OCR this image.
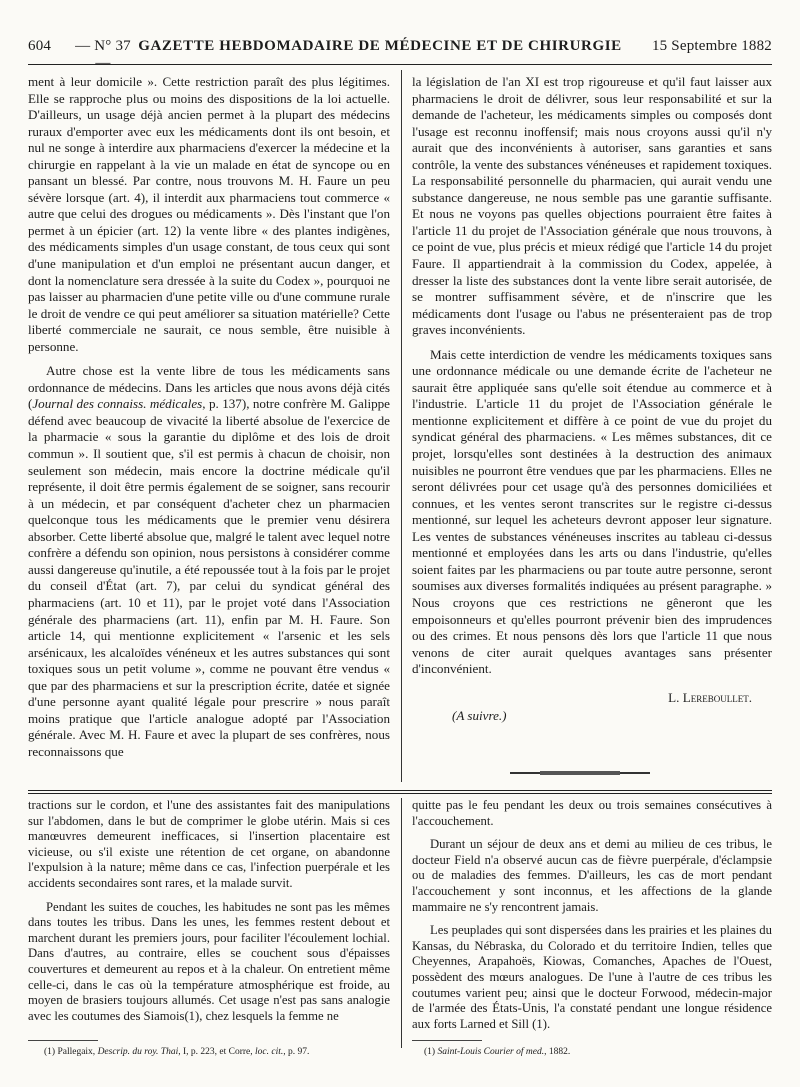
604	— N° 37 —
GAZETTE HEBDOMADAIRE DE MÉDECINE ET DE CHIRURGIE	15 Septembre 1882

ment à leur domicile ». Cette restriction paraît des plus légitimes. Elle se rapproche plus ou moins des dispositions de la loi actuelle. D'ailleurs, un usage déjà ancien permet à la plupart des médecins ruraux d'emporter avec eux les médicaments dont ils ont besoin, et nul ne songe à interdire aux pharmaciens d'exercer la médecine et la chirurgie en rappelant à la vie un malade en état de syncope ou en pansant un blessé. Par contre, nous trouvons M. H. Faure un peu sévère lorsque (art. 4), il interdit aux pharmaciens tout commerce « autre que celui des drogues ou médicaments ». Dès l'instant que l'on permet à un épicier (art. 12) la vente libre « des plantes indigènes, des médicaments simples d'un usage constant, de tous ceux qui sont d'une manipulation et d'un emploi ne présentant aucun danger, et dont la nomenclature sera dressée à la suite du Codex », pourquoi ne pas laisser au pharmacien d'une petite ville ou d'une commune rurale le droit de vendre ce qui peut améliorer sa situation matérielle? Cette liberté commerciale ne saurait, ce nous semble, être nuisible à personne.

Autre chose est la vente libre de tous les médicaments sans ordonnance de médecins. Dans les articles que nous avons déjà cités (Journal des connaiss. médicales, p. 137), notre confrère M. Galippe défend avec beaucoup de vivacité la liberté absolue de l'exercice de la pharmacie « sous la garantie du diplôme et des lois de droit commun ». Il soutient que, s'il est permis à chacun de choisir, non seulement son médecin, mais encore la doctrine médicale qu'il représente, il doit être permis également de se soigner, sans recourir à un médecin, et par conséquent d'acheter chez un pharmacien quelconque tous les médicaments que le premier venu désirera absorber. Cette liberté absolue que, malgré le talent avec lequel notre confrère a défendu son opinion, nous persistons à considérer comme aussi dangereuse qu'inutile, a été repoussée tout à la fois par le projet du conseil d'État (art. 7), par celui du syndicat général des pharmaciens (art. 10 et 11), par le projet voté dans l'Association générale des pharmaciens (art. 11), enfin par M. H. Faure. Son article 14, qui mentionne explicitement « l'arsenic et les sels arsénicaux, les alcaloïdes vénéneux et les autres substances qui sont toxiques sous un petit volume », comme ne pouvant être vendus « que par des pharmaciens et sur la prescription écrite, datée et signée d'une personne ayant qualité légale pour prescrire » nous paraît moins pratique que l'article analogue adopté par l'Association générale. Avec M. H. Faure et avec la plupart de ses confrères, nous reconnaissons que

la législation de l'an XI est trop rigoureuse et qu'il faut laisser aux pharmaciens le droit de délivrer, sous leur responsabilité et sur la demande de l'acheteur, les médicaments simples ou composés dont l'usage est reconnu inoffensif; mais nous croyons aussi qu'il n'y aurait que des inconvénients à autoriser, sans garanties et sans contrôle, la vente des substances vénéneuses et rapidement toxiques. La responsabilité personnelle du pharmacien, qui aurait vendu une substance dangereuse, ne nous semble pas une garantie suffisante. Et nous ne voyons pas quelles objections pourraient être faites à l'article 11 du projet de l'Association générale que nous trouvons, à ce point de vue, plus précis et mieux rédigé que l'article 14 du projet Faure. Il appartiendrait à la commission du Codex, appelée, à dresser la liste des substances dont la vente libre serait autorisée, de se montrer suffisamment sévère, et de n'inscrire que les médicaments dont l'usage ou l'abus ne présenteraient pas de trop graves inconvénients.

Mais cette interdiction de vendre les médicaments toxiques sans une ordonnance médicale ou une demande écrite de l'acheteur ne saurait être appliquée sans qu'elle soit étendue au commerce et à l'industrie. L'article 11 du projet de l'Association générale le mentionne explicitement et diffère à ce point de vue du projet du syndicat général des pharmaciens. « Les mêmes substances, dit ce projet, lorsqu'elles sont destinées à la destruction des animaux nuisibles ne pourront être vendues que par les pharmaciens. Elles ne seront délivrées pour cet usage qu'à des personnes domiciliées et connues, et les ventes seront transcrites sur le registre ci-dessus mentionné, sur lequel les acheteurs devront apposer leur signature. Les ventes de substances vénéneuses inscrites au tableau ci-dessus mentionné et employées dans les arts ou dans l'industrie, qu'elles soient faites par les pharmaciens ou par toute autre personne, seront soumises aux diverses formalités indiquées au présent paragraphe. » Nous croyons que ces restrictions ne gêneront que les empoisonneurs et qu'elles pourront prévenir bien des imprudences ou des crimes. Et nous pensons dès lors que l'article 11 que nous venons de citer aurait quelques avantages sans présenter d'inconvénient.

L. Lereboullet.

(A suivre.)

tractions sur le cordon, et l'une des assistantes fait des manipulations sur l'abdomen, dans le but de comprimer le globe utérin. Mais si ces manœuvres demeurent inefficaces, si l'insertion placentaire est vicieuse, ou s'il existe une rétention de cet organe, on abandonne l'expulsion à la nature; même dans ce cas, l'infection puerpérale et les accidents secondaires sont rares, et la malade survit.

Pendant les suites de couches, les habitudes ne sont pas les mêmes dans toutes les tribus. Dans les unes, les femmes restent debout et marchent durant les premiers jours, pour faciliter l'écoulement lochial. Dans d'autres, au contraire, elles se couchent sous d'épaisses couvertures et demeurent au repos et à la chaleur. On entretient même celle-ci, dans le cas où la température atmosphérique est froide, au moyen de brasiers toujours allumés. Cet usage n'est pas sans analogie avec les coutumes des Siamois(1), chez lesquels la femme ne

quitte pas le feu pendant les deux ou trois semaines consécutives à l'accouchement.

Durant un séjour de deux ans et demi au milieu de ces tribus, le docteur Field n'a observé aucun cas de fièvre puerpérale, d'éclampsie ou de maladies des femmes. D'ailleurs, les cas de mort pendant l'accouchement y sont inconnus, et les affections de la glande mammaire ne s'y rencontrent jamais.

Les peuplades qui sont dispersées dans les prairies et les plaines du Kansas, du Nébraska, du Colorado et du territoire Indien, telles que Cheyennes, Arapahoës, Kiowas, Comanches, Apaches de l'Ouest, possèdent des mœurs analogues. De l'une à l'autre de ces tribus les coutumes varient peu; ainsi que le docteur Forwood, médecin-major de l'armée des États-Unis, l'a constaté pendant une longue résidence aux forts Larned et Sill (1).

(1) Pallegaix, Descrip. du roy. Thai, I, p. 223, et Corre, loc. cit., p. 97.	(1) Saint-Louis Courier of med., 1882.
